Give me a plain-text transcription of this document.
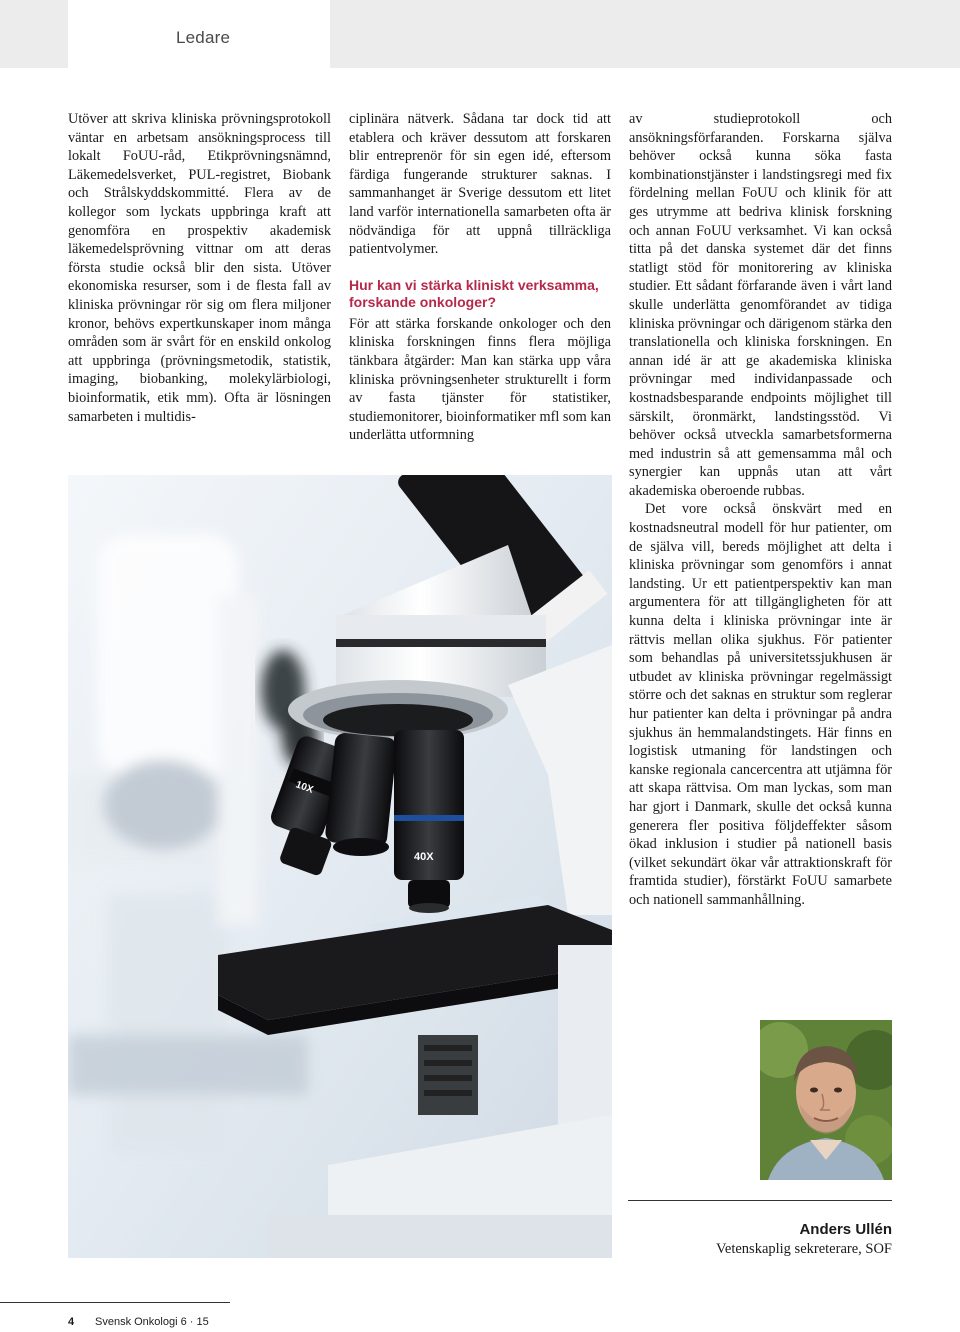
Ledare

Utöver att skriva kliniska prövningsprotokoll väntar en arbetsam ansökningsprocess till lokalt FoUU-råd, Etikprövningsnämnd, Läkemedelsverket, PUL-registret, Biobank och Strålskyddskommitté. Flera av de kollegor som lyckats uppbringa kraft att genomföra en prospektiv akademisk läkemedelsprövning vittnar om att deras första studie också blir den sista. Utöver ekonomiska resurser, som i de flesta fall av kliniska prövningar rör sig om flera miljoner kronor, behövs expertkunskaper inom många områden som är svårt för en enskild onkolog att uppbringa (prövningsmetodik, statistik, imaging, biobanking, molekylärbiologi, bioinformatik, etik mm). Ofta är lösningen samarbeten i multidis-

ciplinära nätverk. Sådana tar dock tid att etablera och kräver dessutom att forskaren blir entreprenör för sin egen idé, eftersom färdiga fungerande strukturer saknas. I sammanhanget är Sverige dessutom ett litet land varför internationella samarbeten ofta är nödvändiga för att uppnå tillräckliga patientvolymer.

Hur kan vi stärka kliniskt verksamma, forskande onkologer?

För att stärka forskande onkologer och den kliniska forskningen finns flera möjliga tänkbara åtgärder: Man kan stärka upp våra kliniska prövningsenheter strukturellt i form av fasta tjänster för statistiker, studiemonitorer, bioinformatiker mfl som kan underlätta utformning

av studieprotokoll och ansökningsförfaranden. Forskarna själva behöver också kunna söka fasta kombinationstjänster i landstingsregi med fix fördelning mellan FoUU och klinik för att ges utrymme att bedriva klinisk forskning och annan FoUU verksamhet. Vi kan också titta på det danska systemet där det finns statligt stöd för monitorering av kliniska studier. Ett sådant förfarande även i vårt land skulle underlätta genomförandet av tidiga kliniska prövningar och därigenom stärka den translationella och kliniska forskningen. En annan idé är att ge akademiska kliniska prövningar med individanpassade och kostnadsbesparande endpoints möjlighet till särskilt, öronmärkt, landstingsstöd. Vi behöver också utveckla samarbetsformerna med industrin så att gemensamma mål och synergier kan uppnås utan att vårt akademiska oberoende rubbas.

Det vore också önskvärt med en kostnadsneutral modell för hur patienter, om de själva vill, bereds möjlighet att delta i kliniska prövningar som genomförs i annat landsting. Ur ett patientperspektiv kan man argumentera för att tillgängligheten för att kunna delta i kliniska prövningar inte är rättvis mellan olika sjukhus. För patienter som behandlas på universitetssjukhusen är utbudet av kliniska prövningar regelmässigt större och det saknas en struktur som reglerar hur patienter kan delta i prövningar på andra sjukhus än hemmalandstingets. Här finns en logistisk utmaning för landstingen och kanske regionala cancercentra att utjämna för att skapa rättvisa. Om man lyckas, som man har gjort i Danmark, skulle det också kunna generera fler positiva följdeffekter såsom ökad inklusion i studier på nationell basis (vilket sekundärt ökar vår attraktionskraft för framtida studier), förstärkt FoUU samarbete och nationell sammanhållning.

10X
40X
Anders Ullén
Vetenskaplig sekreterare, SOF
4 Svensk Onkologi 6 · 15
